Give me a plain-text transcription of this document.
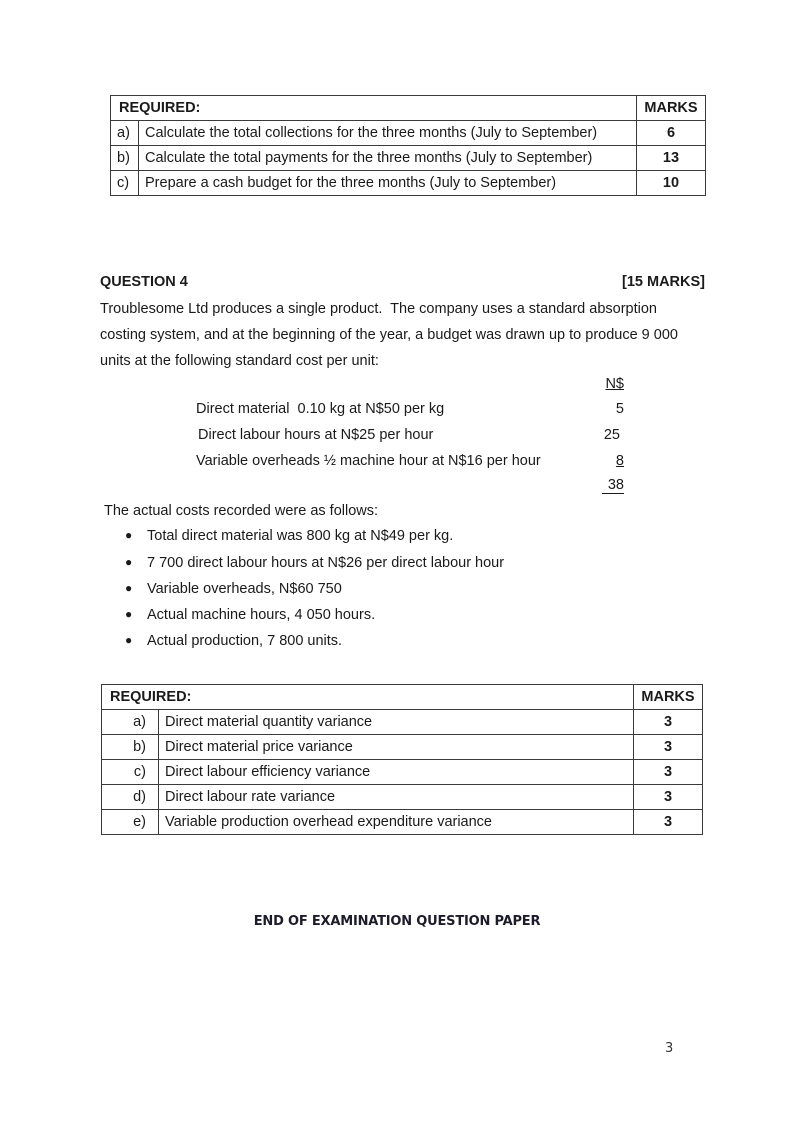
REQUIRED:		MARKS
a)	Calculate the total collections for the three months (July to September)	6
b)	Calculate the total payments for the three months (July to September)	13
c)	Prepare a cash budget for the three months (July to September)	10
QUESTION 4	[15 MARKS]
Troublesome Ltd produces a single product.  The company uses a standard absorption
costing system, and at the beginning of the year, a budget was drawn up to produce 9 000
units at the following standard cost per unit:
N$
Direct material  0.10 kg at N$50 per kg	5
Direct labour hours at N$25 per hour	25
Variable overheads ½ machine hour at N$16 per hour	8
38
The actual costs recorded were as follows:
● Total direct material was 800 kg at N$49 per kg.
● 7 700 direct labour hours at N$26 per direct labour hour
● Variable overheads, N$60 750
● Actual machine hours, 4 050 hours.
● Actual production, 7 800 units.
REQUIRED:		MARKS
a)	Direct material quantity variance	3
b)	Direct material price variance	3
c)	Direct labour efficiency variance	3
d)	Direct labour rate variance	3
e)	Variable production overhead expenditure variance	3
END OF EXAMINATION QUESTION PAPER
3
